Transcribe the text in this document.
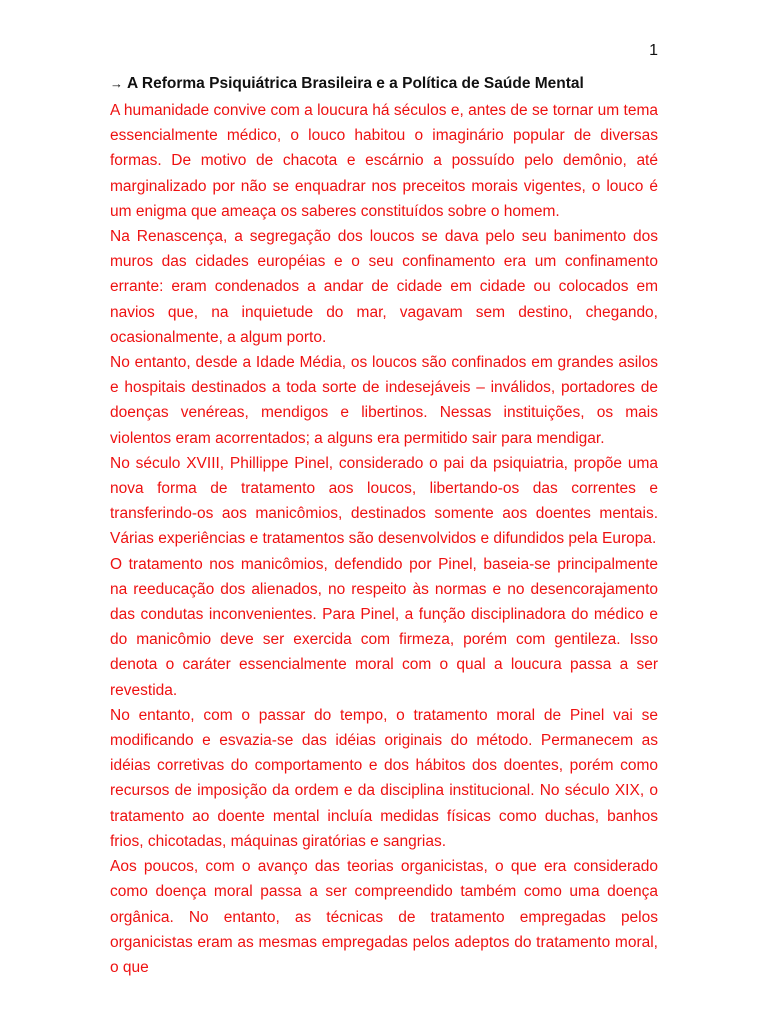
1

→ A Reforma Psiquiátrica Brasileira e a Política de Saúde Mental

A humanidade convive com a loucura há séculos e, antes de se tornar um tema essencialmente médico, o louco habitou o imaginário popular de diversas formas. De motivo de chacota e escárnio a possuído pelo demônio, até marginalizado por não se enquadrar nos preceitos morais vigentes, o louco é um enigma que ameaça os saberes constituídos sobre o homem.

Na Renascença, a segregação dos loucos se dava pelo seu banimento dos muros das cidades européias e o seu confinamento era um confinamento errante: eram condenados a andar de cidade em cidade ou colocados em navios que, na inquietude do mar, vagavam sem destino, chegando, ocasionalmente, a algum porto.

No entanto, desde a Idade Média, os loucos são confinados em grandes asilos e hospitais destinados a toda sorte de indesejáveis – inválidos, portadores de doenças venéreas, mendigos e libertinos. Nessas instituições, os mais violentos eram acorrentados; a alguns era permitido sair para mendigar.

No século XVIII, Phillippe Pinel, considerado o pai da psiquiatria, propõe uma nova forma de tratamento aos loucos, libertando-os das correntes e transferindo-os aos manicômios, destinados somente aos doentes mentais. Várias experiências e tratamentos são desenvolvidos e difundidos pela Europa.

O tratamento nos manicômios, defendido por Pinel, baseia-se principalmente na reeducação dos alienados, no respeito às normas e no desencorajamento das condutas inconvenientes. Para Pinel, a função disciplinadora do médico e do manicômio deve ser exercida com firmeza, porém com gentileza. Isso denota o caráter essencialmente moral com o qual a loucura passa a ser revestida.

No entanto, com o passar do tempo, o tratamento moral de Pinel vai se modificando e esvazia-se das idéias originais do método. Permanecem as idéias corretivas do comportamento e dos hábitos dos doentes, porém como recursos de imposição da ordem e da disciplina institucional. No século XIX, o tratamento ao doente mental incluía medidas físicas como duchas, banhos frios, chicotadas, máquinas giratórias e sangrias.

Aos poucos, com o avanço das teorias organicistas, o que era considerado como doença moral passa a ser compreendido também como uma doença orgânica. No entanto, as técnicas de tratamento empregadas pelos organicistas eram as mesmas empregadas pelos adeptos do tratamento moral, o que
